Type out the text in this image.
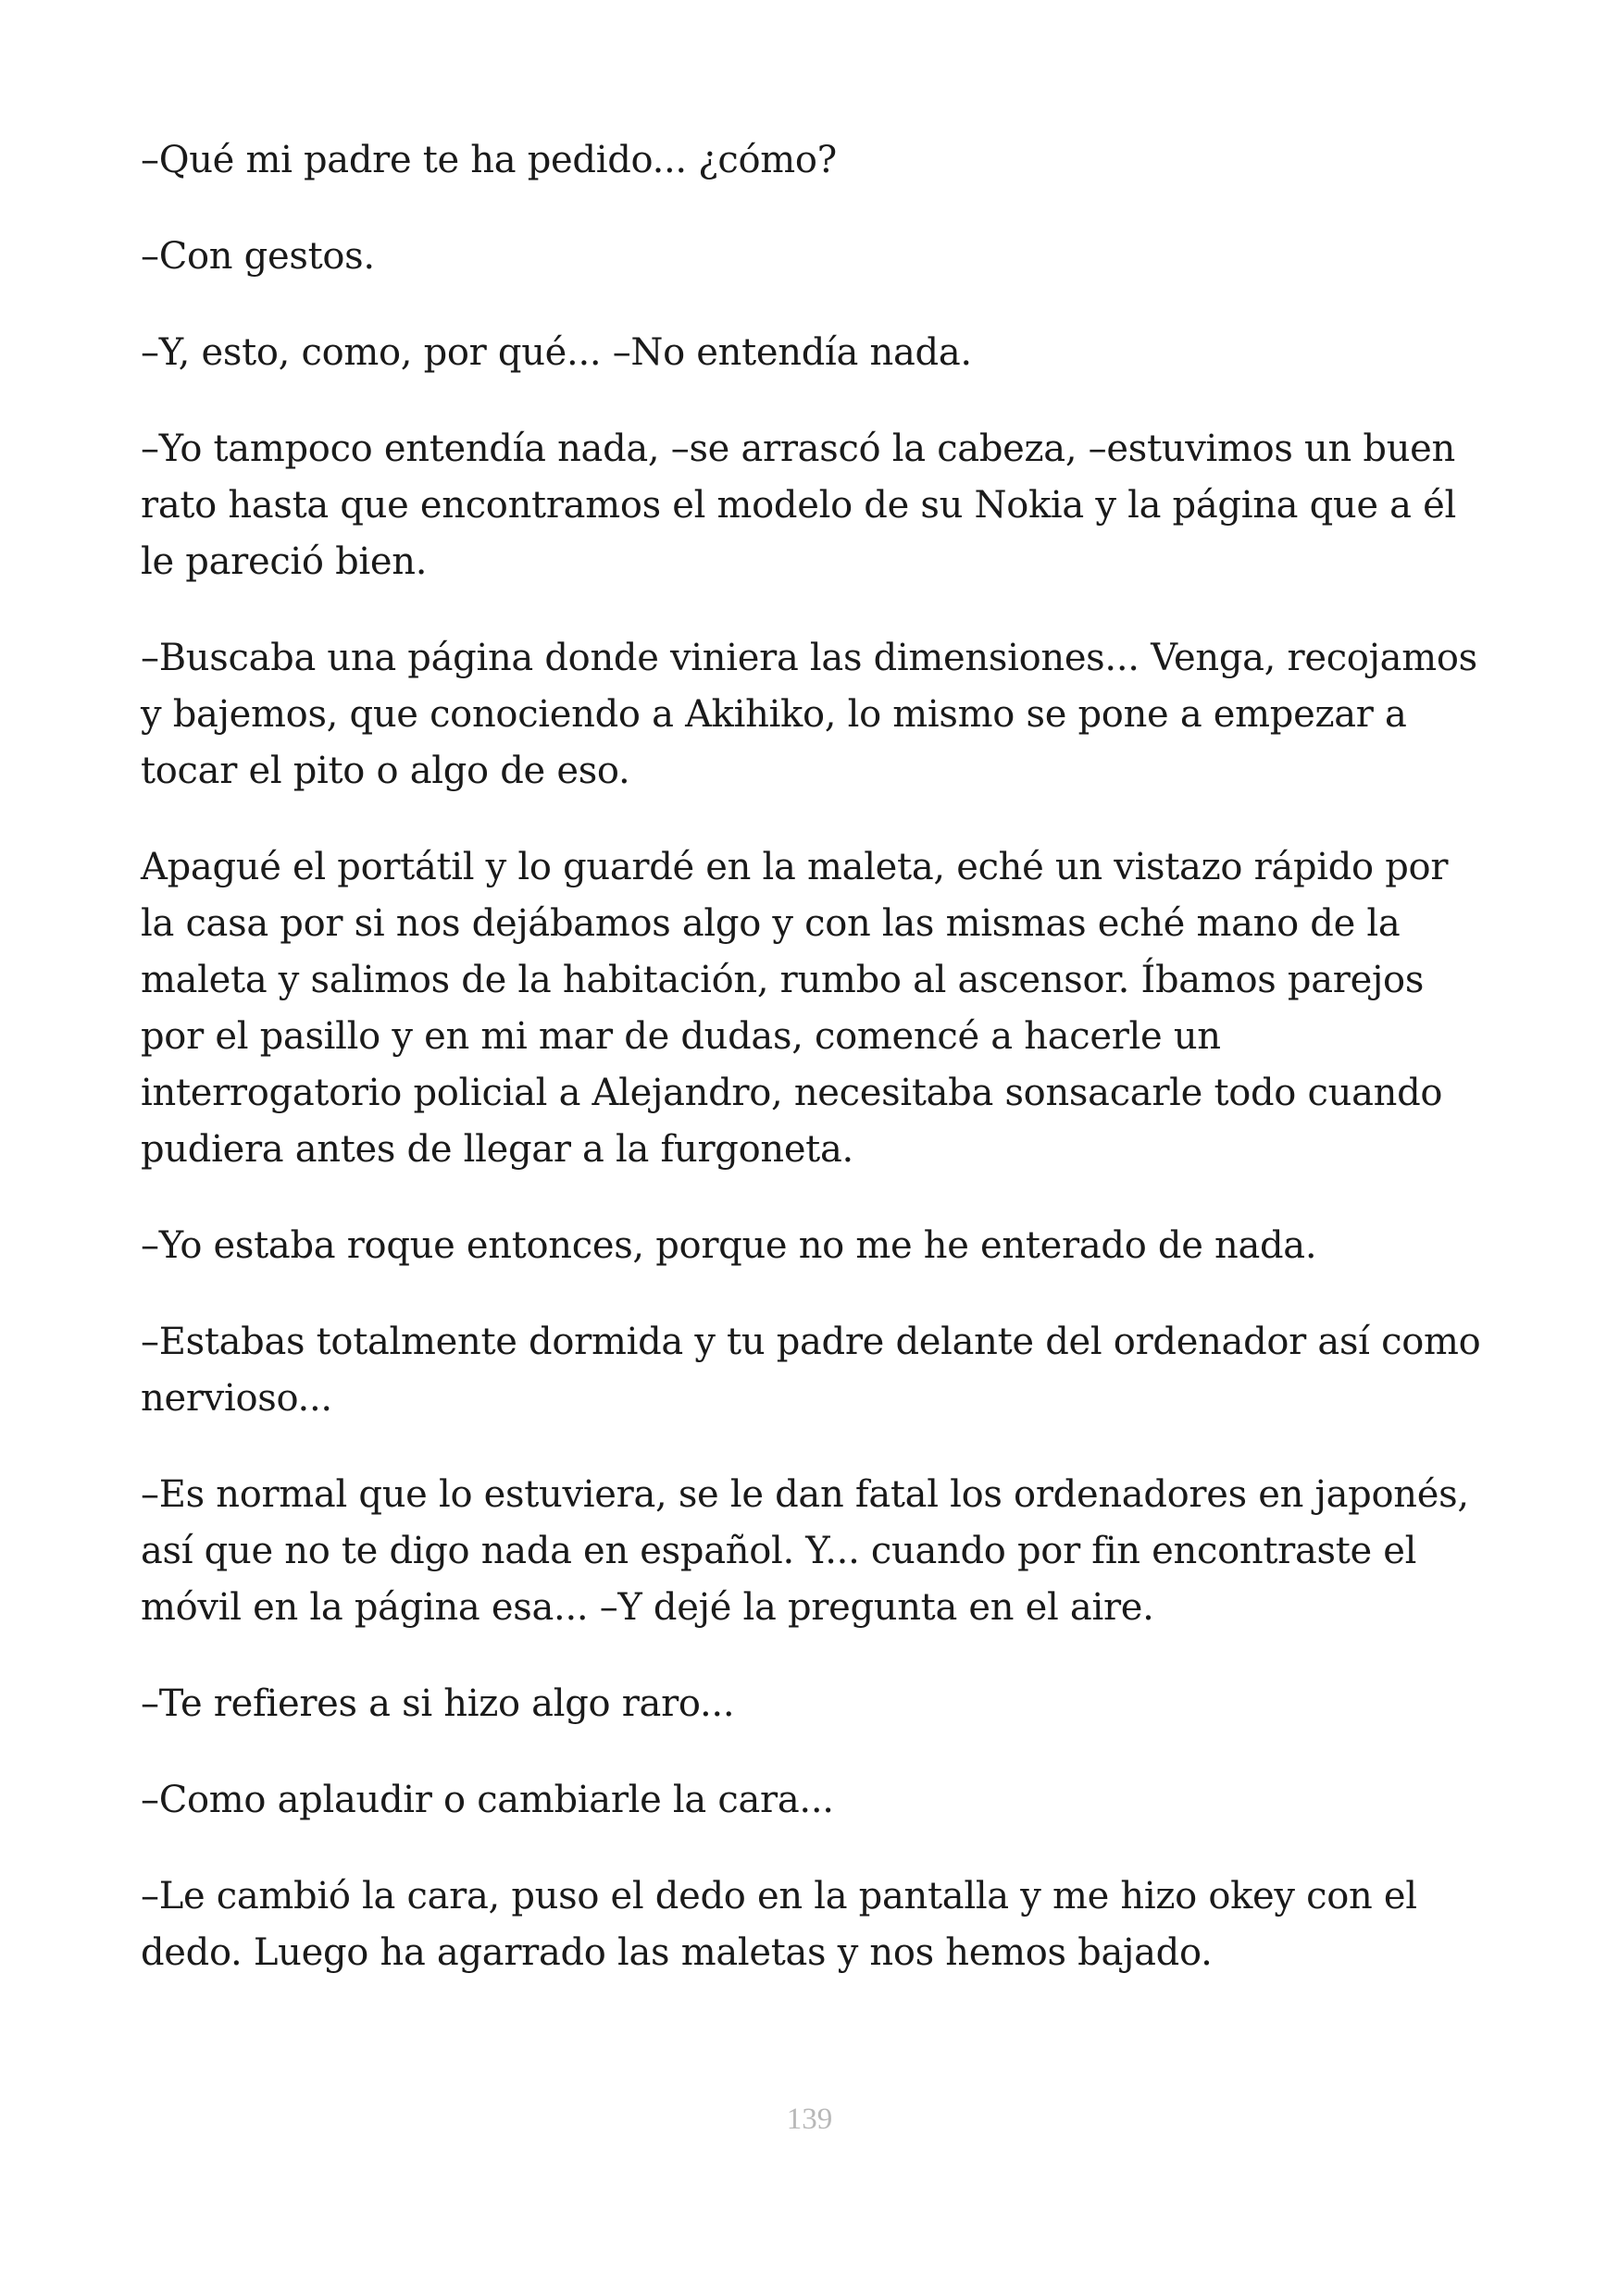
–Qué mi padre te ha pedido... ¿cómo?

–Con gestos.

–Y, esto, como, por qué... –No entendía nada.

–Yo tampoco entendía nada, –se arrascó la cabeza, –estuvimos un buen rato hasta que encontramos el modelo de su Nokia y la página que a él le pareció bien.

–Buscaba una página donde viniera las dimensiones... Venga, recojamos y bajemos, que conociendo a Akihiko, lo mismo se pone a empezar a tocar el pito o algo de eso.

Apagué el portátil y lo guardé en la maleta, eché un vistazo rápido por la casa por si nos dejábamos algo y con las mismas eché mano de la maleta y salimos de la habitación, rumbo al ascensor. Íbamos parejos por el pasillo y en mi mar de dudas, comencé a hacerle un interrogatorio policial a Alejandro, necesitaba sonsacarle todo cuando pudiera antes de llegar a la furgoneta.

–Yo estaba roque entonces, porque no me he enterado de nada.

–Estabas totalmente dormida y tu padre delante del ordenador así como nervioso...

–Es normal que lo estuviera, se le dan fatal los ordenadores en japonés, así que no te digo nada en español. Y... cuando por fin encontraste el móvil en la página esa... –Y dejé la pregunta en el aire.

–Te refieres a si hizo algo raro...

–Como aplaudir o cambiarle la cara...

–Le cambió la cara, puso el dedo en la pantalla y me hizo okey con el dedo. Luego ha agarrado las maletas y nos hemos bajado.

139
